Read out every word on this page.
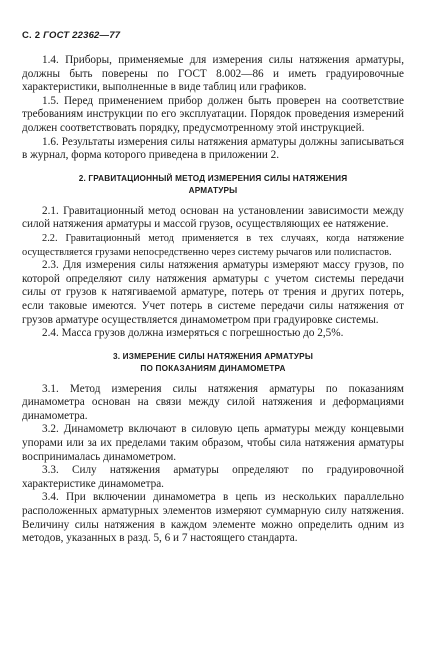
С. 2 ГОСТ 22362—77

1.4. Приборы, применяемые для измерения силы натяжения арматуры, должны быть поверены по ГОСТ 8.002—86 и иметь градуировочные характеристики, выполненные в виде таблиц или графиков.

1.5. Перед применением прибор должен быть проверен на соответствие требованиям инструкции по его эксплуатации. Порядок проведения измерений должен соответствовать порядку, предусмотренному этой инструкцией.

1.6. Результаты измерения силы натяжения арматуры должны записываться в журнал, форма которого приведена в приложении 2.

2. ГРАВИТАЦИОННЫЙ МЕТОД ИЗМЕРЕНИЯ СИЛЫ НАТЯЖЕНИЯ
АРМАТУРЫ

2.1. Гравитационный метод основан на установлении зависимости между силой натяжения арматуры и массой грузов, осуществляющих ее натяжение.

2.2. Гравитационный метод применяется в тех случаях, когда натяжение осуществляется грузами непосредственно через систему рычагов или полиспастов.

2.3. Для измерения силы натяжения арматуры измеряют массу грузов, по которой определяют силу натяжения арматуры с учетом системы передачи силы от грузов к натягиваемой арматуре, потерь от трения и других потерь, если таковые имеются. Учет потерь в системе передачи силы натяжения от грузов арматуре осуществляется динамометром при градуировке системы.

2.4. Масса грузов должна измеряться с погрешностью до 2,5%.

3. ИЗМЕРЕНИЕ СИЛЫ НАТЯЖЕНИЯ АРМАТУРЫ
ПО ПОКАЗАНИЯМ ДИНАМОМЕТРА

3.1. Метод измерения силы натяжения арматуры по показаниям динамометра основан на связи между силой натяжения и деформациями динамометра.

3.2. Динамометр включают в силовую цепь арматуры между концевыми упорами или за их пределами таким образом, чтобы сила натяжения арматуры воспринималась динамометром.

3.3. Силу натяжения арматуры определяют по градуировочной характеристике динамометра.

3.4. При включении динамометра в цепь из нескольких параллельно расположенных арматурных элементов измеряют суммарную силу натяжения. Величину силы натяжения в каждом элементе можно определить одним из методов, указанных в разд. 5, 6 и 7 настоящего стандарта.
